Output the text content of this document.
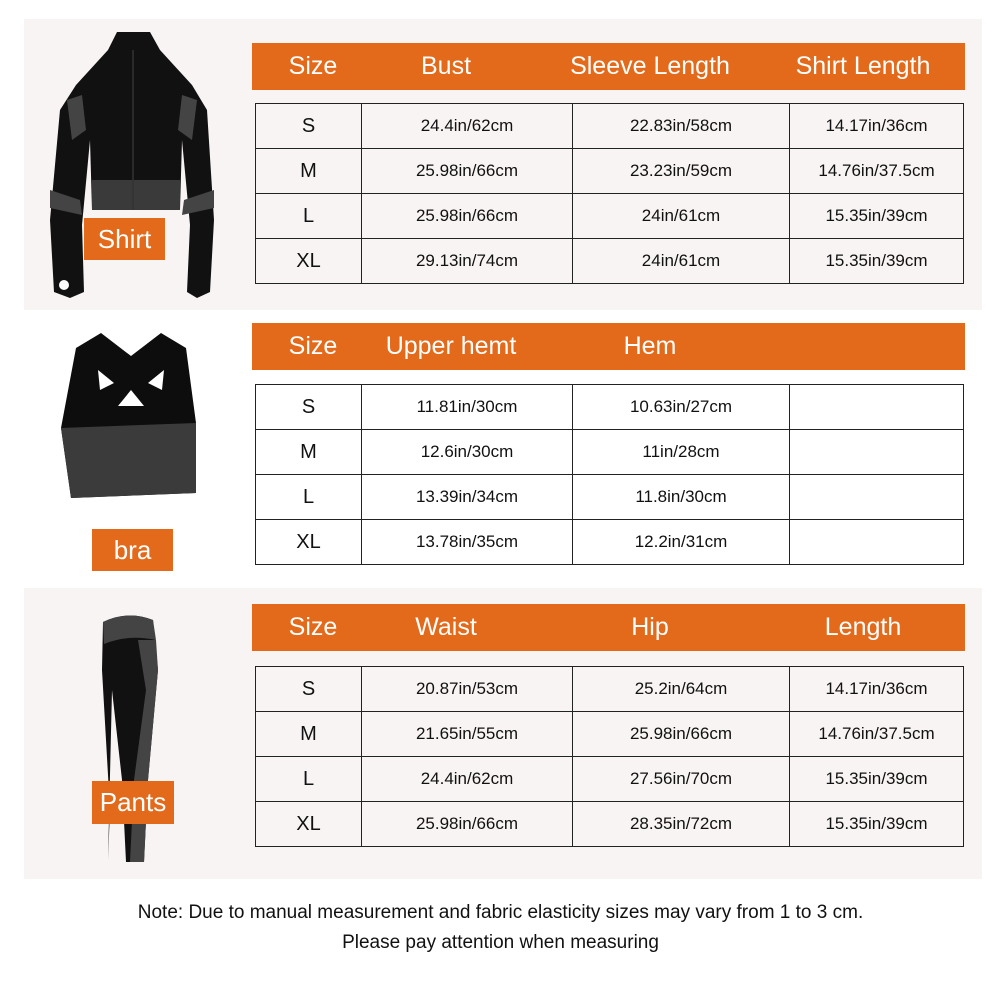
Shirt
Size	Bust	Sleeve Length	Shirt Length
S	24.4in/62cm	22.83in/58cm	14.17in/36cm
M	25.98in/66cm	23.23in/59cm	14.76in/37.5cm
L	25.98in/66cm	24in/61cm	15.35in/39cm
XL	29.13in/74cm	24in/61cm	15.35in/39cm
bra
Size	Upper hemt	Hem
S	11.81in/30cm	10.63in/27cm	
M	12.6in/30cm	11in/28cm	
L	13.39in/34cm	11.8in/30cm	
XL	13.78in/35cm	12.2in/31cm	
Pants
Size	Waist	Hip	Length
S	20.87in/53cm	25.2in/64cm	14.17in/36cm
M	21.65in/55cm	25.98in/66cm	14.76in/37.5cm
L	24.4in/62cm	27.56in/70cm	15.35in/39cm
XL	25.98in/66cm	28.35in/72cm	15.35in/39cm
Note: Due to manual measurement and fabric elasticity sizes may vary from 1 to 3 cm.
Please pay attention when measuring
